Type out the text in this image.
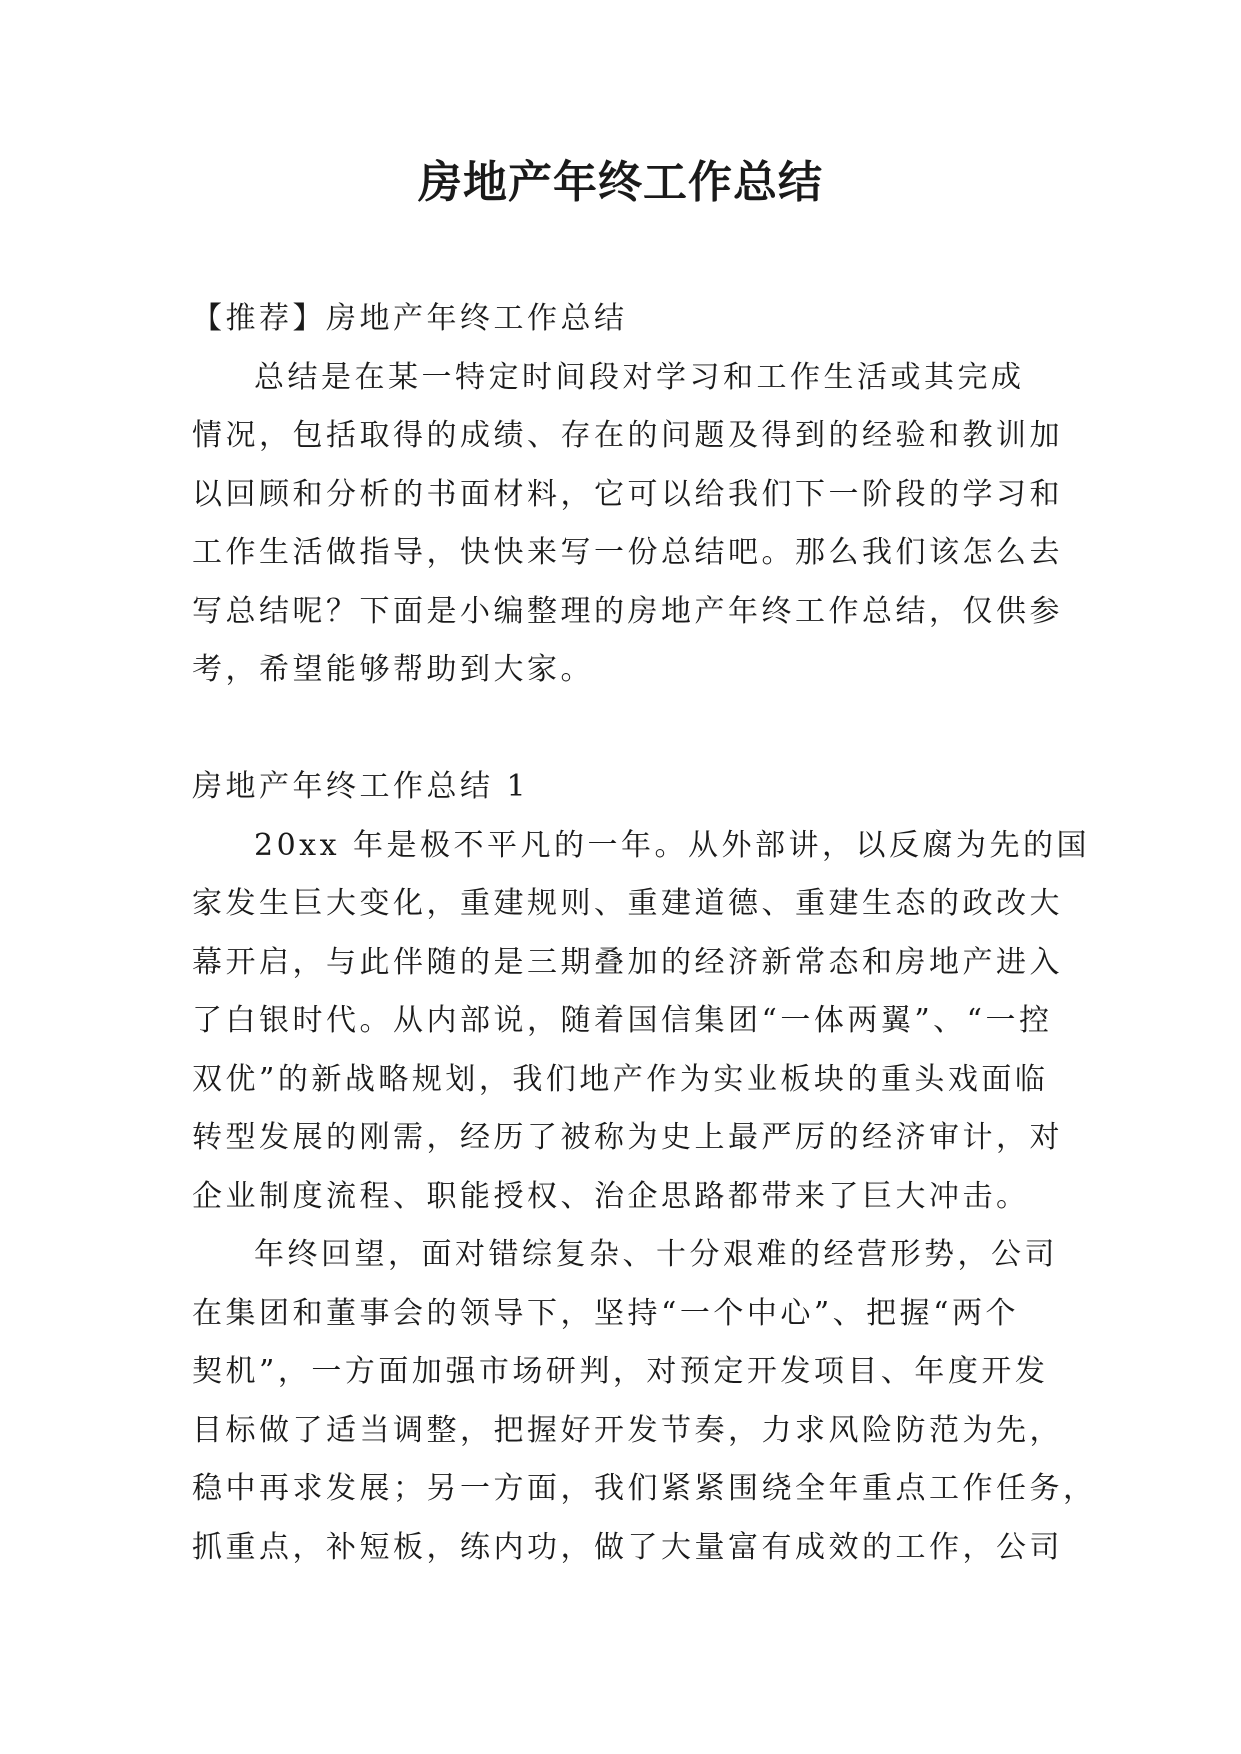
房地产年终工作总结

【推荐】房地产年终工作总结

总结是在某一特定时间段对学习和工作生活或其完成

情况，包括取得的成绩、存在的问题及得到的经验和教训加

以回顾和分析的书面材料，它可以给我们下一阶段的学习和

工作生活做指导，快快来写一份总结吧。那么我们该怎么去

写总结呢？下面是小编整理的房地产年终工作总结，仅供参

考，希望能够帮助到大家。

房地产年终工作总结 1

20xx 年是极不平凡的一年。从外部讲，以反腐为先的国

家发生巨大变化，重建规则、重建道德、重建生态的政改大

幕开启，与此伴随的是三期叠加的经济新常态和房地产进入

了白银时代。从内部说，随着国信集团“一体两翼”、“一控

双优”的新战略规划，我们地产作为实业板块的重头戏面临

转型发展的刚需，经历了被称为史上最严厉的经济审计，对

企业制度流程、职能授权、治企思路都带来了巨大冲击。

年终回望，面对错综复杂、十分艰难的经营形势，公司

在集团和董事会的领导下，坚持“一个中心”、把握“两个

契机”，一方面加强市场研判，对预定开发项目、年度开发

目标做了适当调整，把握好开发节奏，力求风险防范为先，

稳中再求发展；另一方面，我们紧紧围绕全年重点工作任务，

抓重点，补短板，练内功，做了大量富有成效的工作，公司
